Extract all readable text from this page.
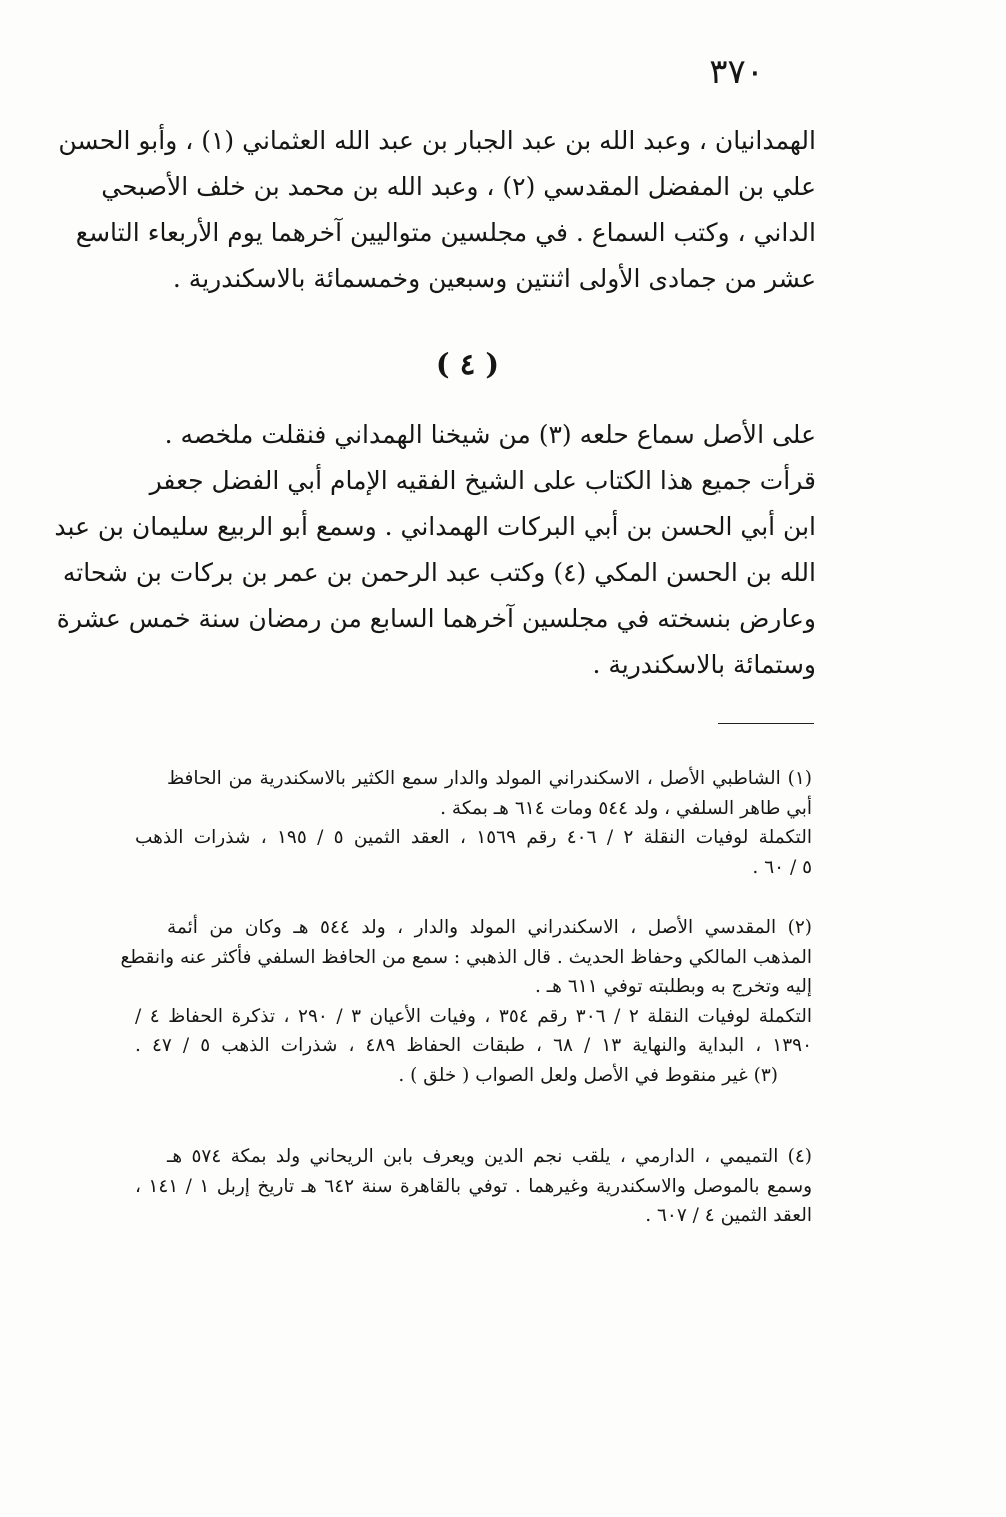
٣٧٠
الهمدانيان ، وعبد الله بن عبد الجبار بن عبد الله العثماني (١) ، وأبو الحسن
علي بن المفضل المقدسي (٢) ، وعبد الله بن محمد بن خلف الأصبحي
الداني ، وكتب السماع . في مجلسين متواليين آخرهما يوم الأربعاء التاسع
عشر من جمادى الأولى اثنتين وسبعين وخمسمائة بالاسكندرية .
( ٤ )
على الأصل سماع حلعه (٣) من شيخنا الهمداني فنقلت ملخصه .
قرأت جميع هذا الكتاب على الشيخ الفقيه الإمام أبي الفضل جعفر
ابن أبي الحسن بن أبي البركات الهمداني . وسمع أبو الربيع سليمان بن عبد
الله بن الحسن المكي (٤) وكتب عبد الرحمن بن عمر بن بركات بن شحاته
وعارض بنسخته في مجلسين آخرهما السابع من رمضان سنة خمس عشرة
وستمائة بالاسكندرية .
(١) الشاطبي الأصل ، الاسكندراني المولد والدار سمع الكثير بالاسكندرية من الحافظ
أبي طاهر السلفي ، ولد ٥٤٤ ومات ٦١٤ هـ بمكة .
التكملة لوفيات النقلة ٢ / ٤٠٦ رقم ١٥٦٩ ، العقد الثمين ٥ / ١٩٥ ، شذرات الذهب
٥ / ٦٠ .
(٢) المقدسي الأصل ، الاسكندراني المولد والدار ، ولد ٥٤٤ هـ وكان من أئمة
المذهب المالكي وحفاظ الحديث . قال الذهبي : سمع من الحافظ السلفي فأكثر عنه وانقطع
إليه وتخرج به وبطلبته توفي ٦١١ هـ .
التكملة لوفيات النقلة ٢ / ٣٠٦ رقم ٣٥٤ ، وفيات الأعيان ٣ / ٢٩٠ ، تذكرة الحفاظ ٤ /
١٣٩٠ ، البداية والنهاية ١٣ / ٦٨ ، طبقات الحفاظ ٤٨٩ ، شذرات الذهب ٥ / ٤٧ .
(٣) غير منقوط في الأصل ولعل الصواب ( خلق ) .
(٤) التميمي ، الدارمي ، يلقب نجم الدين ويعرف بابن الريحاني ولد بمكة ٥٧٤ هـ
وسمع بالموصل والاسكندرية وغيرهما . توفي بالقاهرة سنة ٦٤٢ هـ تاريخ إربل ١ / ١٤١ ،
العقد الثمين ٤ / ٦٠٧ .
